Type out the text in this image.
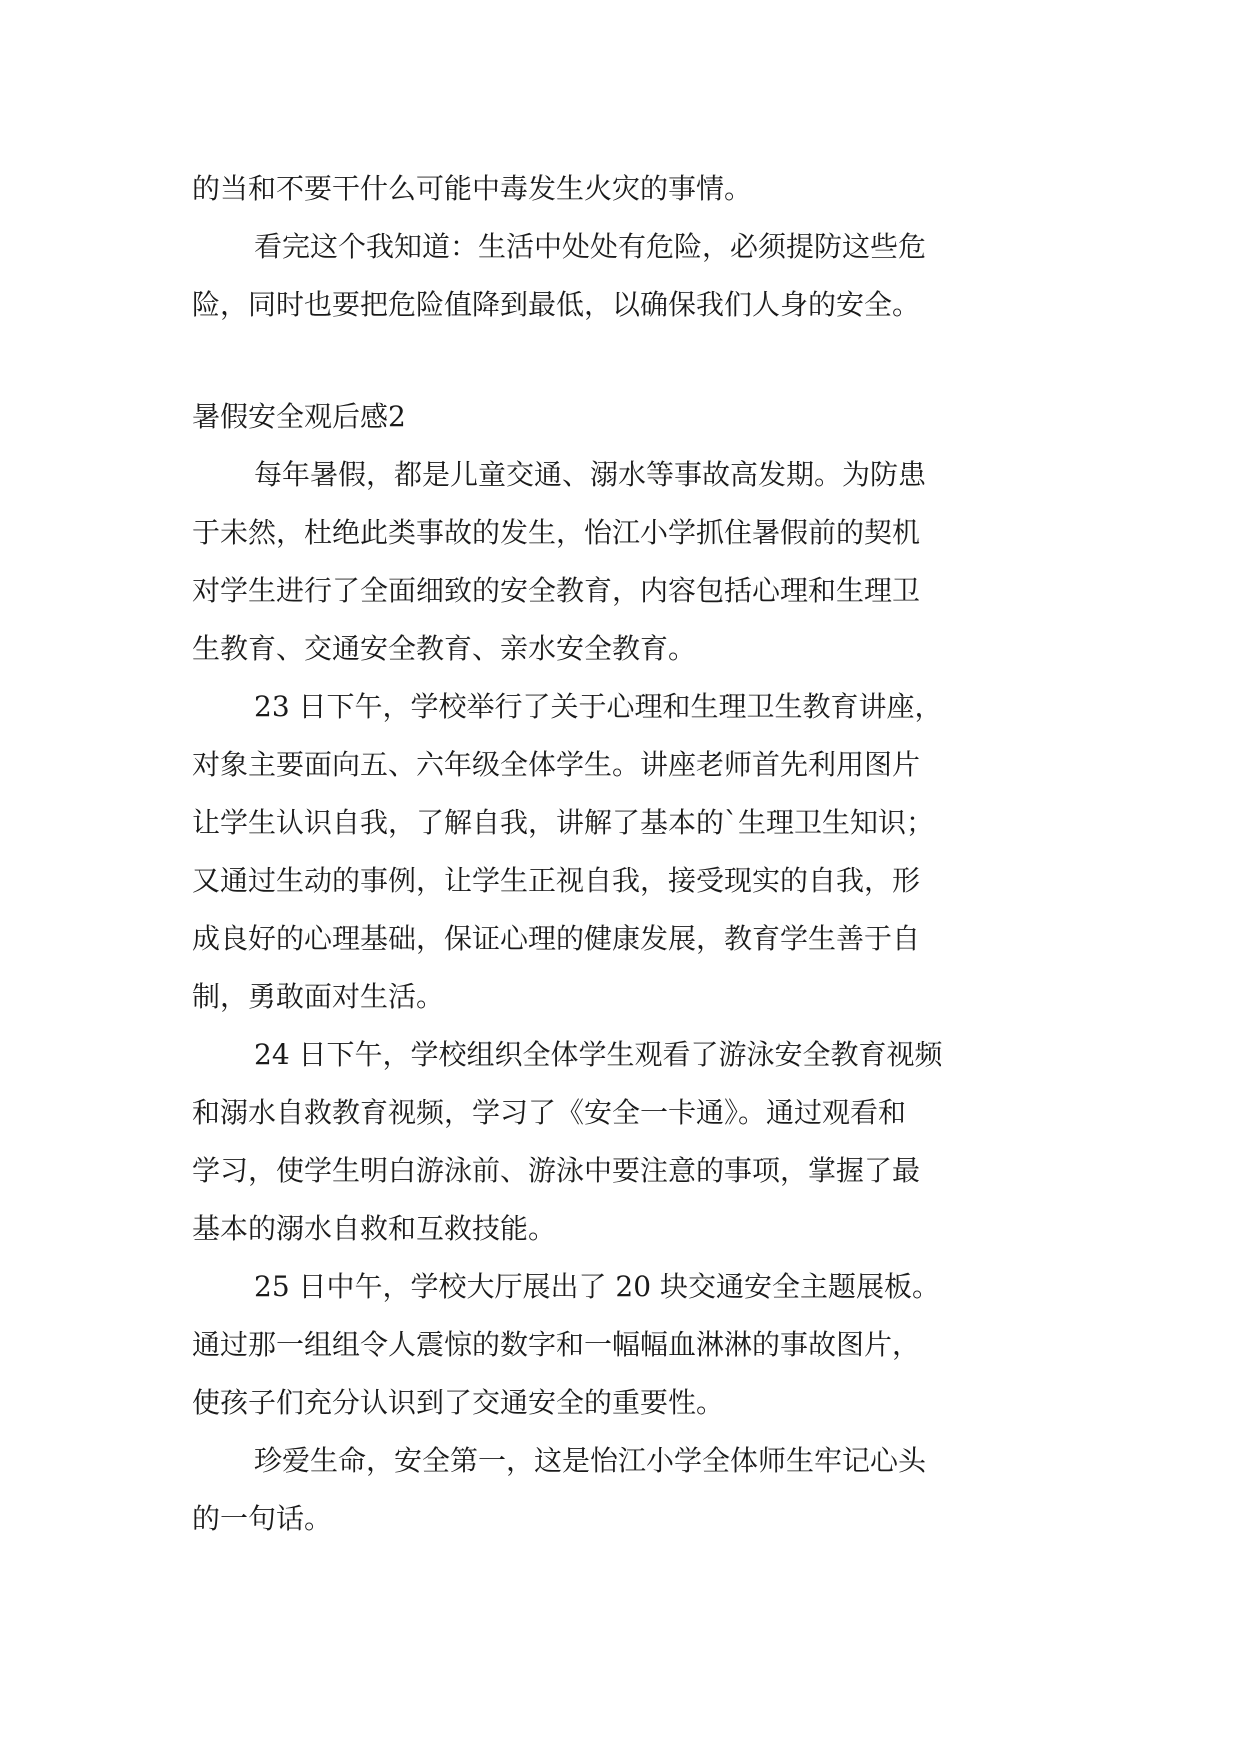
的当和不要干什么可能中毒发生火灾的事情。
看完这个我知道：生活中处处有危险，必须提防这些危
险，同时也要把危险值降到最低，以确保我们人身的安全。
暑假安全观后感2
每年暑假，都是儿童交通、溺水等事故高发期。为防患
于未然，杜绝此类事故的发生，怡江小学抓住暑假前的契机
对学生进行了全面细致的安全教育，内容包括心理和生理卫
生教育、交通安全教育、亲水安全教育。
23 日下午，学校举行了关于心理和生理卫生教育讲座，
对象主要面向五、六年级全体学生。讲座老师首先利用图片
让学生认识自我，了解自我，讲解了基本的`生理卫生知识；
又通过生动的事例，让学生正视自我，接受现实的自我，形
成良好的心理基础，保证心理的健康发展，教育学生善于自
制，勇敢面对生活。
24 日下午，学校组织全体学生观看了游泳安全教育视频
和溺水自救教育视频，学习了《安全一卡通》。通过观看和
学习，使学生明白游泳前、游泳中要注意的事项，掌握了最
基本的溺水自救和互救技能。
25 日中午，学校大厅展出了 20 块交通安全主题展板。
通过那一组组令人震惊的数字和一幅幅血淋淋的事故图片，
使孩子们充分认识到了交通安全的重要性。
珍爱生命，安全第一，这是怡江小学全体师生牢记心头
的一句话。
